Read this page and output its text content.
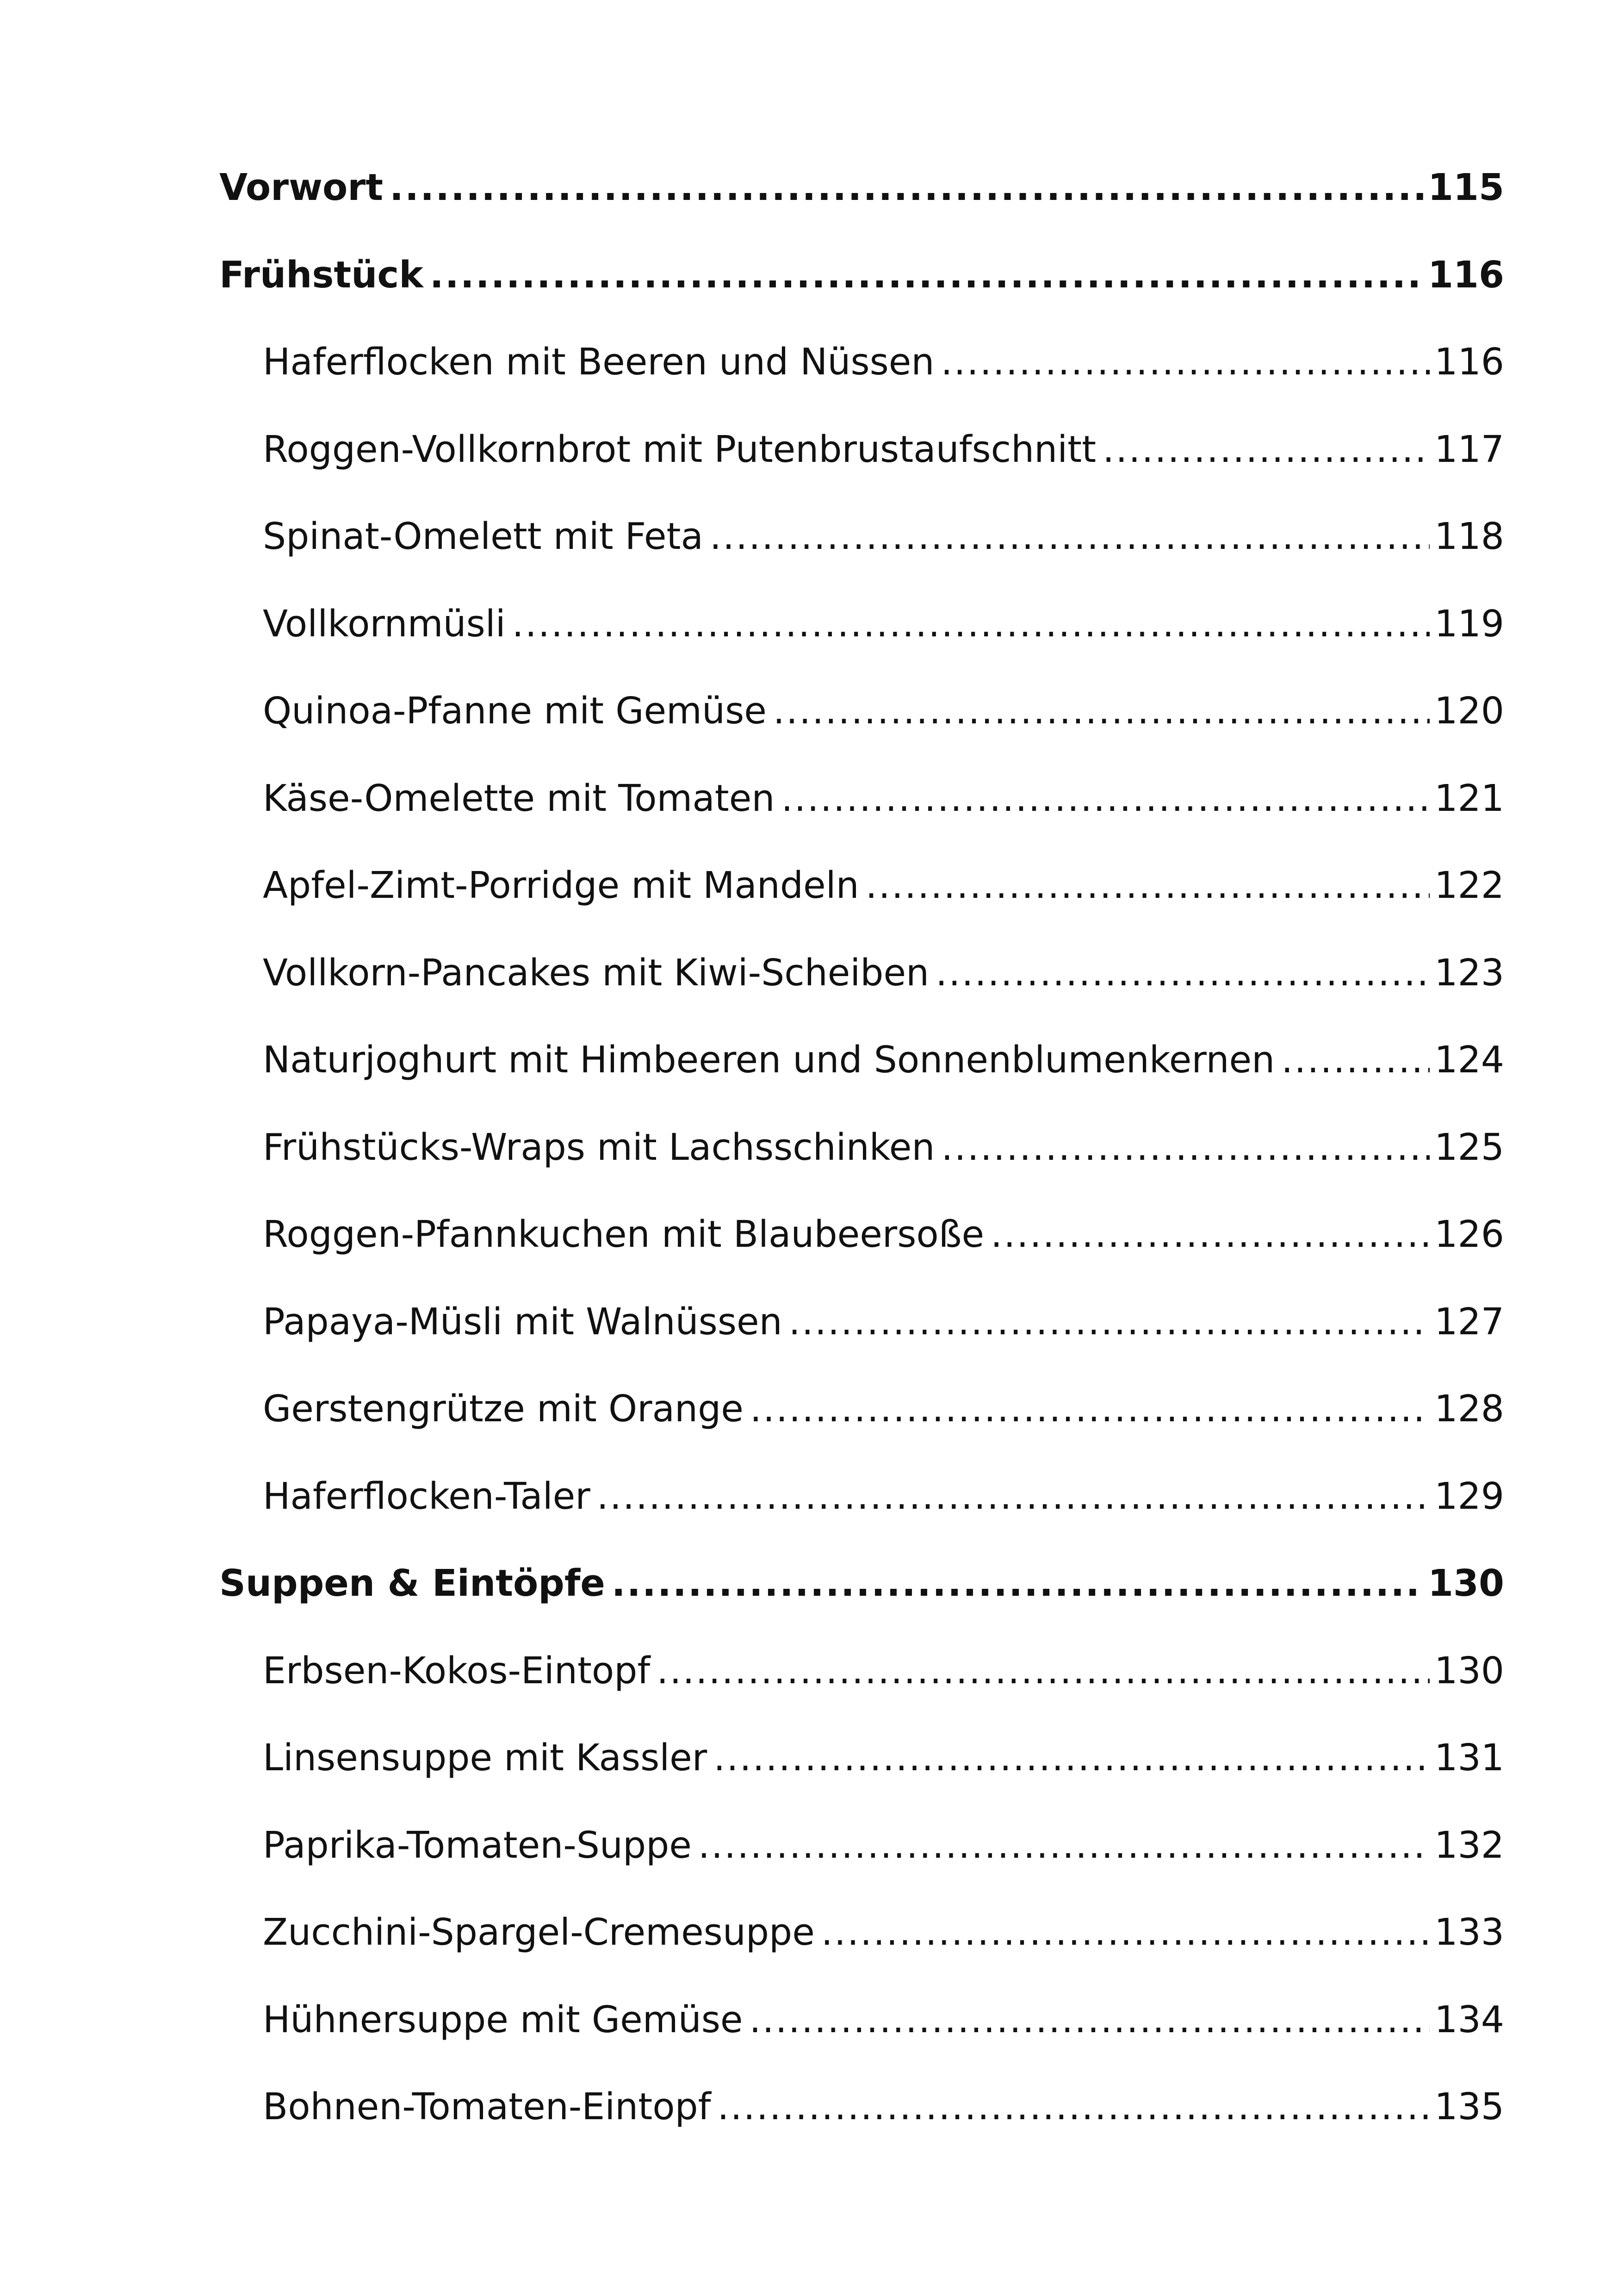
Vorwort .....	115
Frühstück .....	116
Haferflocken mit Beeren und Nüssen .....	116
Roggen-Vollkornbrot mit Putenbrustaufschnitt .....	117
Spinat-Omelett mit Feta .....	118
Vollkornmüsli .....	119
Quinoa-Pfanne mit Gemüse .....	120
Käse-Omelette mit Tomaten .....	121
Apfel-Zimt-Porridge mit Mandeln .....	122
Vollkorn-Pancakes mit Kiwi-Scheiben .....	123
Naturjoghurt mit Himbeeren und Sonnenblumenkernen .....	124
Frühstücks-Wraps mit Lachsschinken .....	125
Roggen-Pfannkuchen mit Blaubeersoße .....	126
Papaya-Müsli mit Walnüssen .....	127
Gerstengrütze mit Orange .....	128
Haferflocken-Taler .....	129
Suppen & Eintöpfe .....	130
Erbsen-Kokos-Eintopf .....	130
Linsensuppe mit Kassler .....	131
Paprika-Tomaten-Suppe .....	132
Zucchini-Spargel-Cremesuppe .....	133
Hühnersuppe mit Gemüse .....	134
Bohnen-Tomaten-Eintopf .....	135
